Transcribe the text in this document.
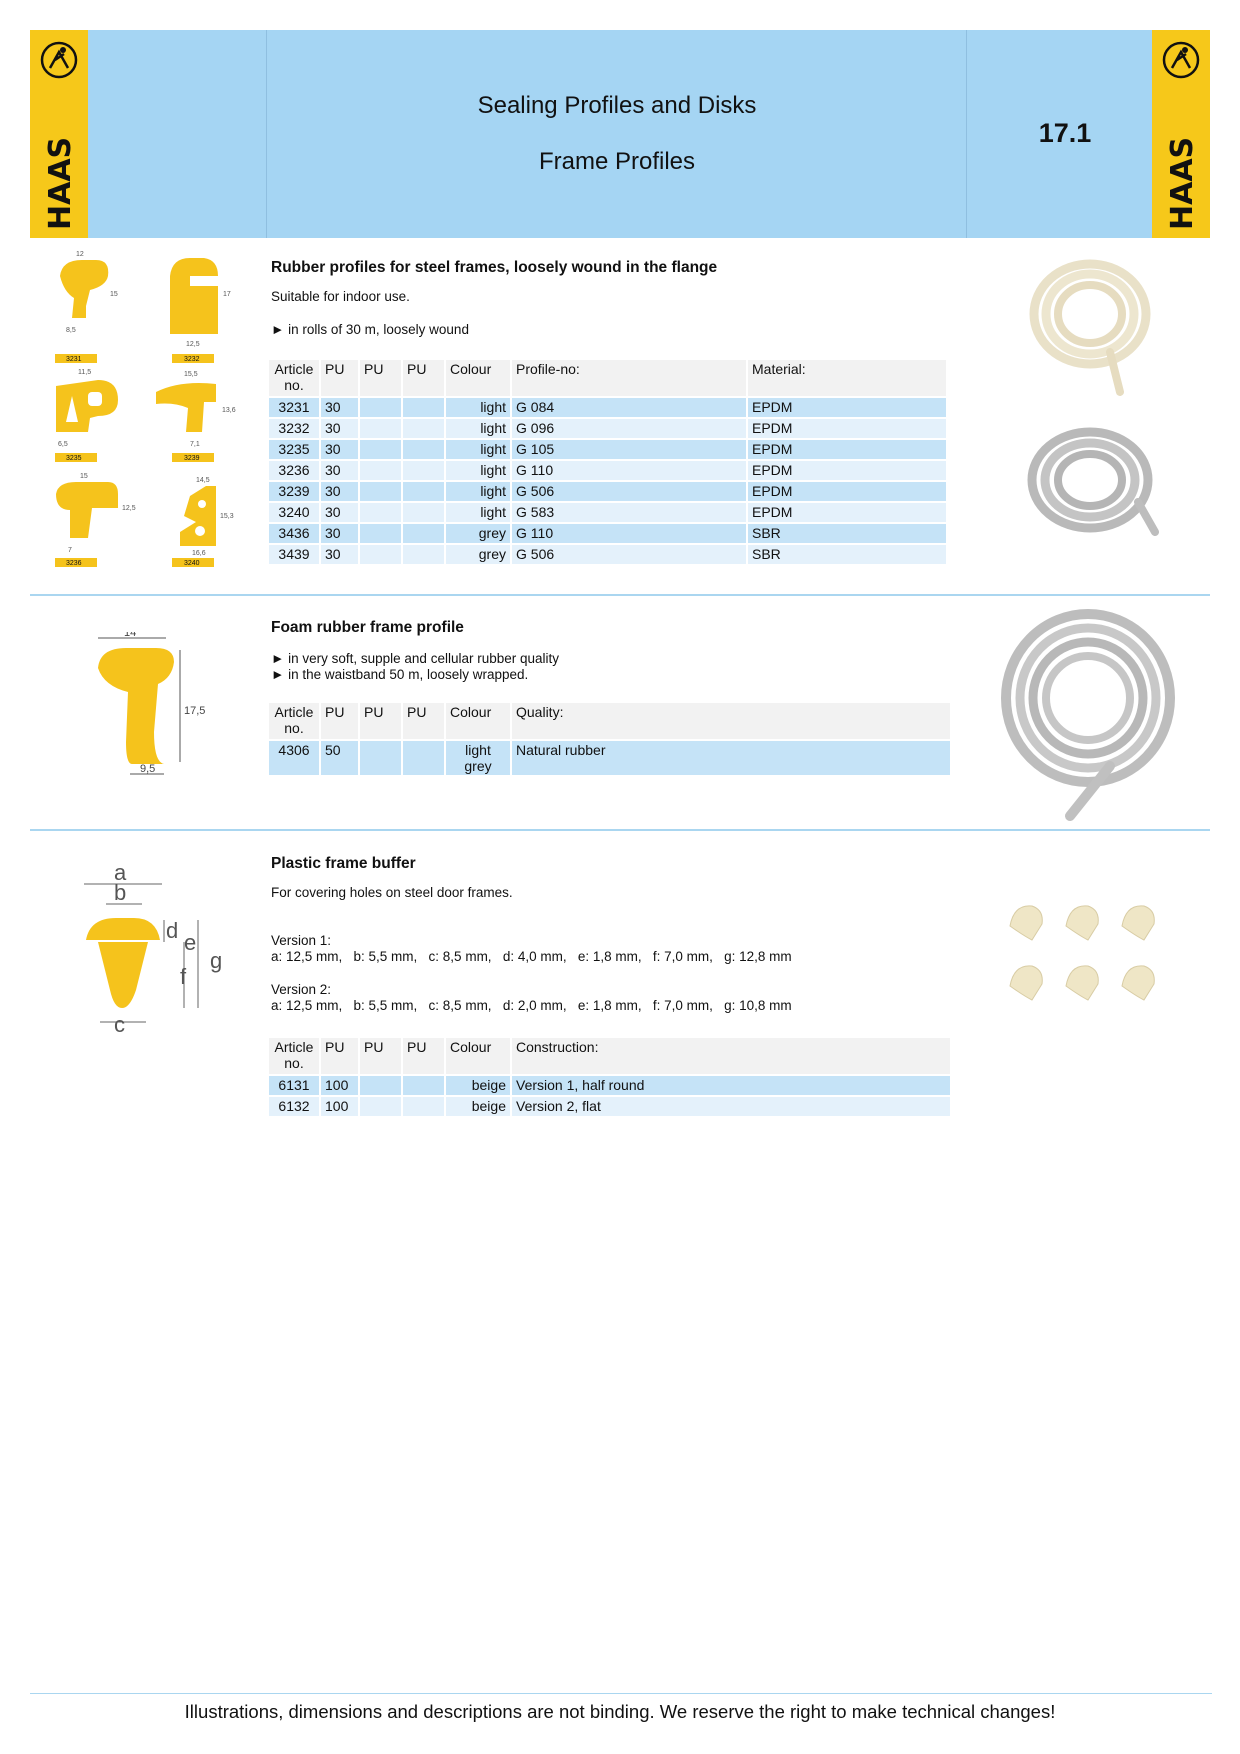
HAAS
Sealing Profiles and Disks
Frame Profiles
17.1
HAAS
12
15
8,5
3231
17
12,5
3232
11,5
6,5
3235
15,5
13,6
7,1
3239
15
12,5
7
3236
14,5
15,3
16,6
3240
Rubber profiles for steel frames, loosely wound in the flange
Suitable for indoor use.
► in rolls of 30 m, loosely wound
Article no.	PU	PU	PU	Colour	Profile-no:	Material:
3231	30			light	G 084	EPDM
3232	30			light	G 096	EPDM
3235	30			light	G 105	EPDM
3236	30			light	G 110	EPDM
3239	30			light	G 506	EPDM
3240	30			light	G 583	EPDM
3436	30			grey	G 110	SBR
3439	30			grey	G 506	SBR
14
17,5
9,5
Foam rubber frame profile
► in very soft, supple and cellular rubber quality
► in the waistband 50 m, loosely wrapped.
Article no.	PU	PU	PU	Colour	Quality:
4306	50			light grey	Natural rubber
a
b
c
d e
f
g
Plastic frame buffer
For covering holes on steel door frames.
Version 1:
a: 12,5 mm,   b: 5,5 mm,   c: 8,5 mm,   d: 4,0 mm,   e: 1,8 mm,   f: 7,0 mm,   g: 12,8 mm
Version 2:
a: 12,5 mm,   b: 5,5 mm,   c: 8,5 mm,   d: 2,0 mm,   e: 1,8 mm,   f: 7,0 mm,   g: 10,8 mm
Article no.	PU	PU	PU	Colour	Construction:
6131	100			beige	Version 1, half round
6132	100			beige	Version 2, flat
Illustrations, dimensions and descriptions are not binding. We reserve the right to make technical changes!
